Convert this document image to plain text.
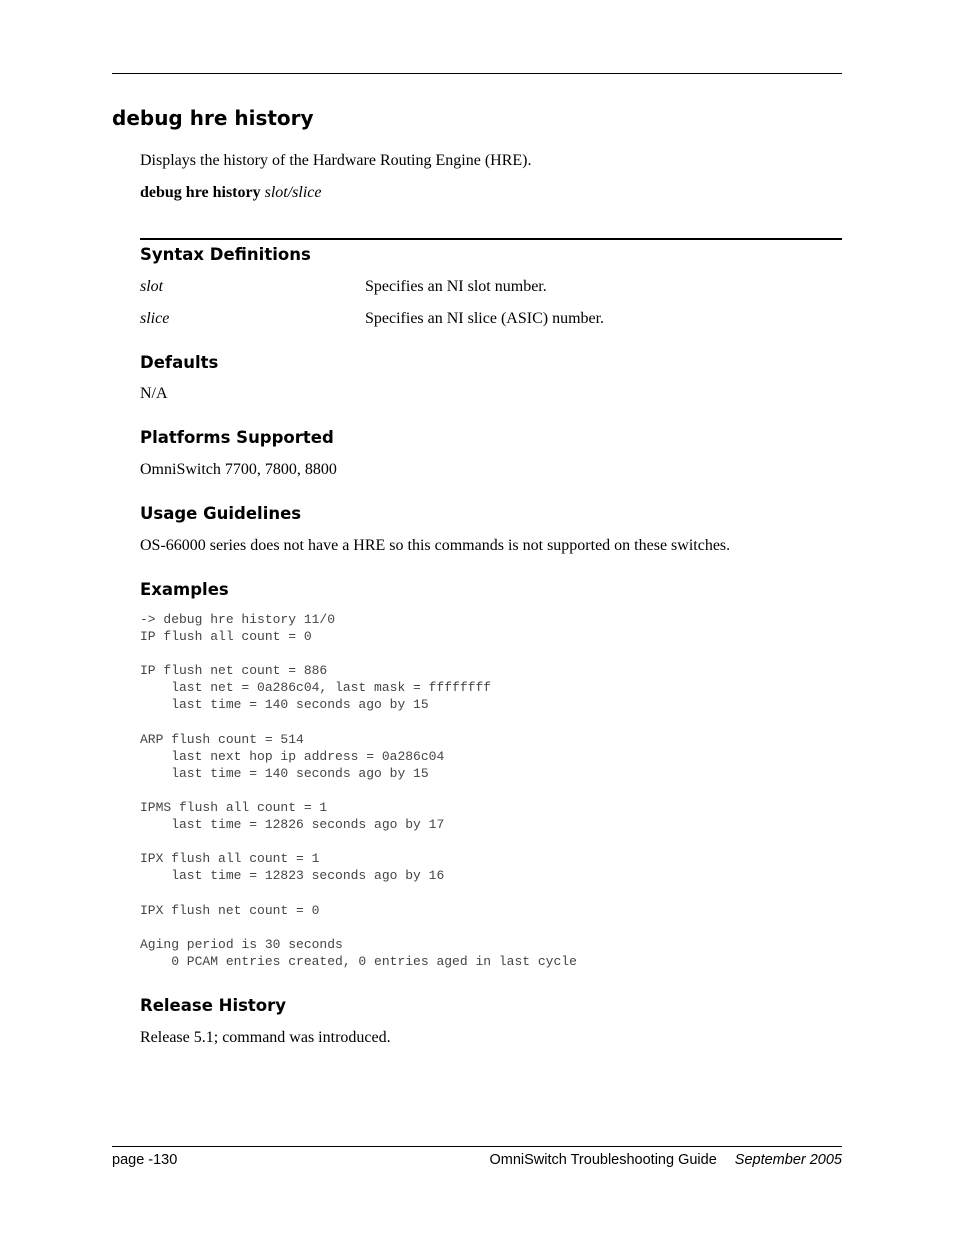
debug hre history
Displays the history of the Hardware Routing Engine (HRE).
debug hre history slot/slice
Syntax Definitions
slot	Specifies an NI slot number.
slice	Specifies an NI slice (ASIC) number.
Defaults
N/A
Platforms Supported
OmniSwitch 7700, 7800, 8800
Usage Guidelines
OS-66000 series does not have a HRE so this commands is not supported on these switches.
Examples
-> debug hre history 11/0
IP flush all count = 0

IP flush net count = 886
last net = 0a286c04, last mask = ffffffff
last time = 140 seconds ago by 15

ARP flush count = 514
last next hop ip address = 0a286c04
last time = 140 seconds ago by 15

IPMS flush all count = 1
last time = 12826 seconds ago by 17

IPX flush all count = 1
last time = 12823 seconds ago by 16

IPX flush net count = 0

Aging period is 30 seconds
0 PCAM entries created, 0 entries aged in last cycle
Release History
Release 5.1; command was introduced.
page -130	OmniSwitch Troubleshooting Guide September 2005
